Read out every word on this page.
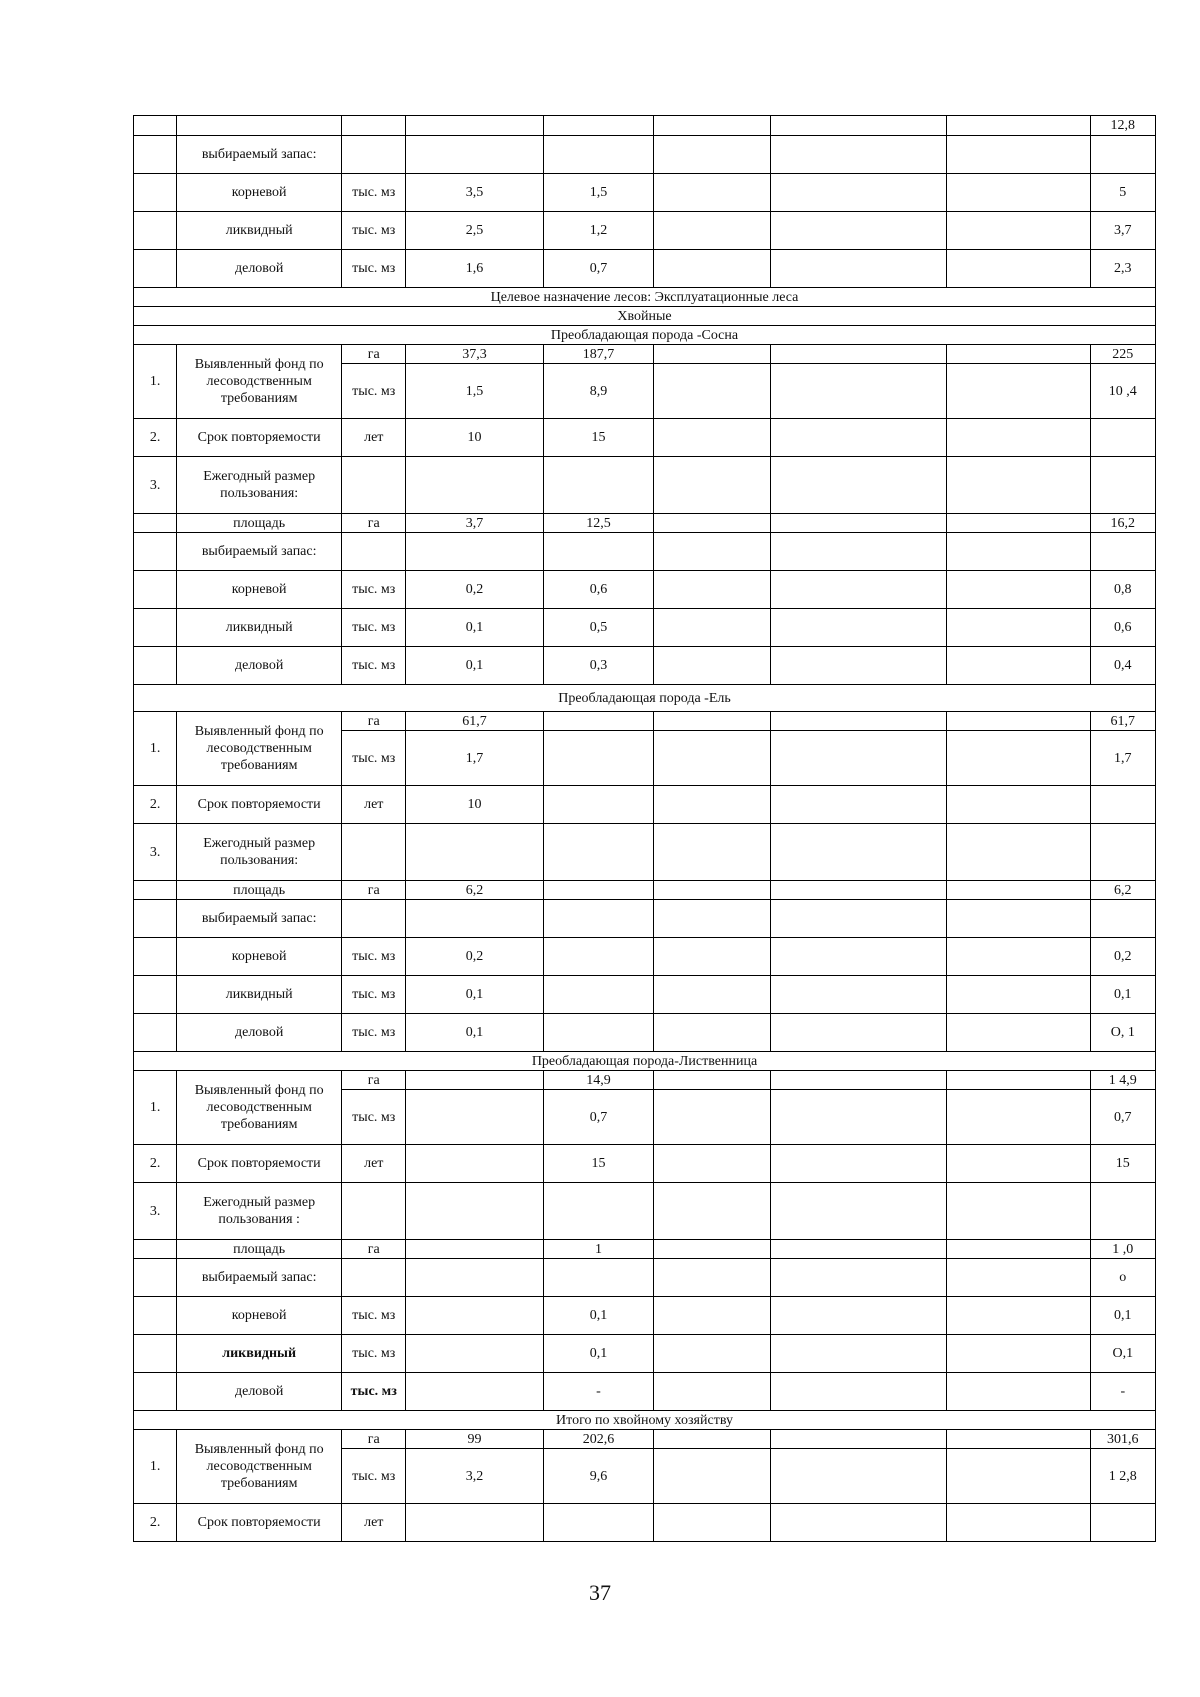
								12,8
	выбираемый запас:							
	корневой	тыс. мз	3,5	1,5				5
	ликвидный	тыс. мз	2,5	1,2				3,7
	деловой	тыс. мз	1,6	0,7				2,3
Целевое назначение лесов: Эксплуатационные леса								
Хвойные								
Преобладающая порода -Сосна								
1.	Выявленный фонд по лесоводственным требованиям	га	37,3	187,7				225
		тыс. мз	1,5	8,9				10 ,4
2.	Срок повторяемости	лет	10	15				
3.	Ежегодный размер пользования:							
	площадь	га	3,7	12,5				16,2
	выбираемый запас:							
	корневой	тыс. мз	0,2	0,6				0,8
	ликвидный	тыс. мз	0,1	0,5				0,6
	деловой	тыс. мз	0,1	0,3				0,4
Преобладающая порода -Ель								
1.	Выявленный фонд по лесоводственным требованиям	га	61,7					61,7
		тыс. мз	1,7					1,7
2.	Срок повторяемости	лет	10					
3.	Ежегодный размер пользования:							
	площадь	га	6,2					6,2
	выбираемый запас:							
	корневой	тыс. мз	0,2					0,2
	ликвидный	тыс. мз	0,1					0,1
	деловой	тыс. мз	0,1					О, 1
Преобладающая порода-Лиственница								
1.	Выявленный фонд по лесоводственным требованиям	га		14,9				1 4,9
		тыс. мз		0,7				0,7
2.	Срок повторяемости	лет		15				15
3.	Ежегодный размер пользования :							
	площадь	га		1				1 ,0
	выбираемый запас:							о
	корневой	тыс. мз		0,1				0,1
	ликвидный	тыс. мз		0,1				О,1
	деловой	тыс. мз		-				-
Итого по хвойному хозяйству								
1.	Выявленный фонд по лесоводственным требованиям	га	99	202,6				301,6
		тыс. мз	3,2	9,6				1 2,8
2.	Срок повторяемости	лет						
37
